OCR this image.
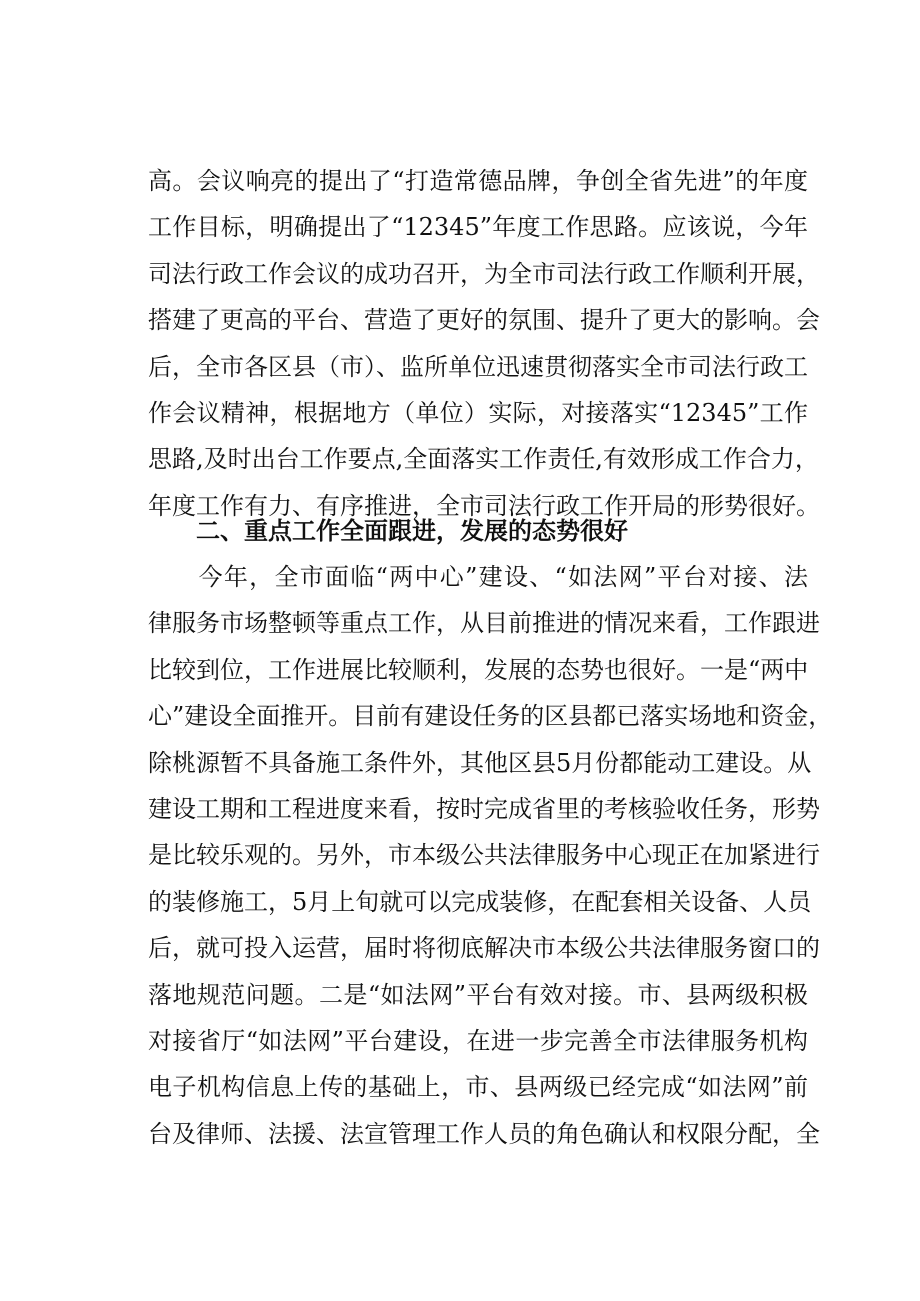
高。会议响亮的提出了“打造常德品牌，争创全省先进”的年度
工作目标，明确提出了“12345”年度工作思路。应该说，今年
司法行政工作会议的成功召开，为全市司法行政工作顺利开展，
搭建了更高的平台、营造了更好的氛围、提升了更大的影响。会
后，全市各区县（市）、监所单位迅速贯彻落实全市司法行政工
作会议精神，根据地方（单位）实际，对接落实“12345”工作
思路,及时出台工作要点,全面落实工作责任,有效形成工作合力，
年度工作有力、有序推进，全市司法行政工作开局的形势很好。
二、重点工作全面跟进，发展的态势很好
　　今年，全市面临“两中心”建设、“如法网”平台对接、法
律服务市场整顿等重点工作，从目前推进的情况来看，工作跟进
比较到位，工作进展比较顺利，发展的态势也很好。一是“两中
心”建设全面推开。目前有建设任务的区县都已落实场地和资金，
除桃源暂不具备施工条件外，其他区县5月份都能动工建设。从
建设工期和工程进度来看，按时完成省里的考核验收任务，形势
是比较乐观的。另外，市本级公共法律服务中心现正在加紧进行
的装修施工，5月上旬就可以完成装修，在配套相关设备、人员
后，就可投入运营，届时将彻底解决市本级公共法律服务窗口的
落地规范问题。二是“如法网”平台有效对接。市、县两级积极
对接省厅“如法网”平台建设，在进一步完善全市法律服务机构
电子机构信息上传的基础上，市、县两级已经完成“如法网”前
台及律师、法援、法宣管理工作人员的角色确认和权限分配，全
